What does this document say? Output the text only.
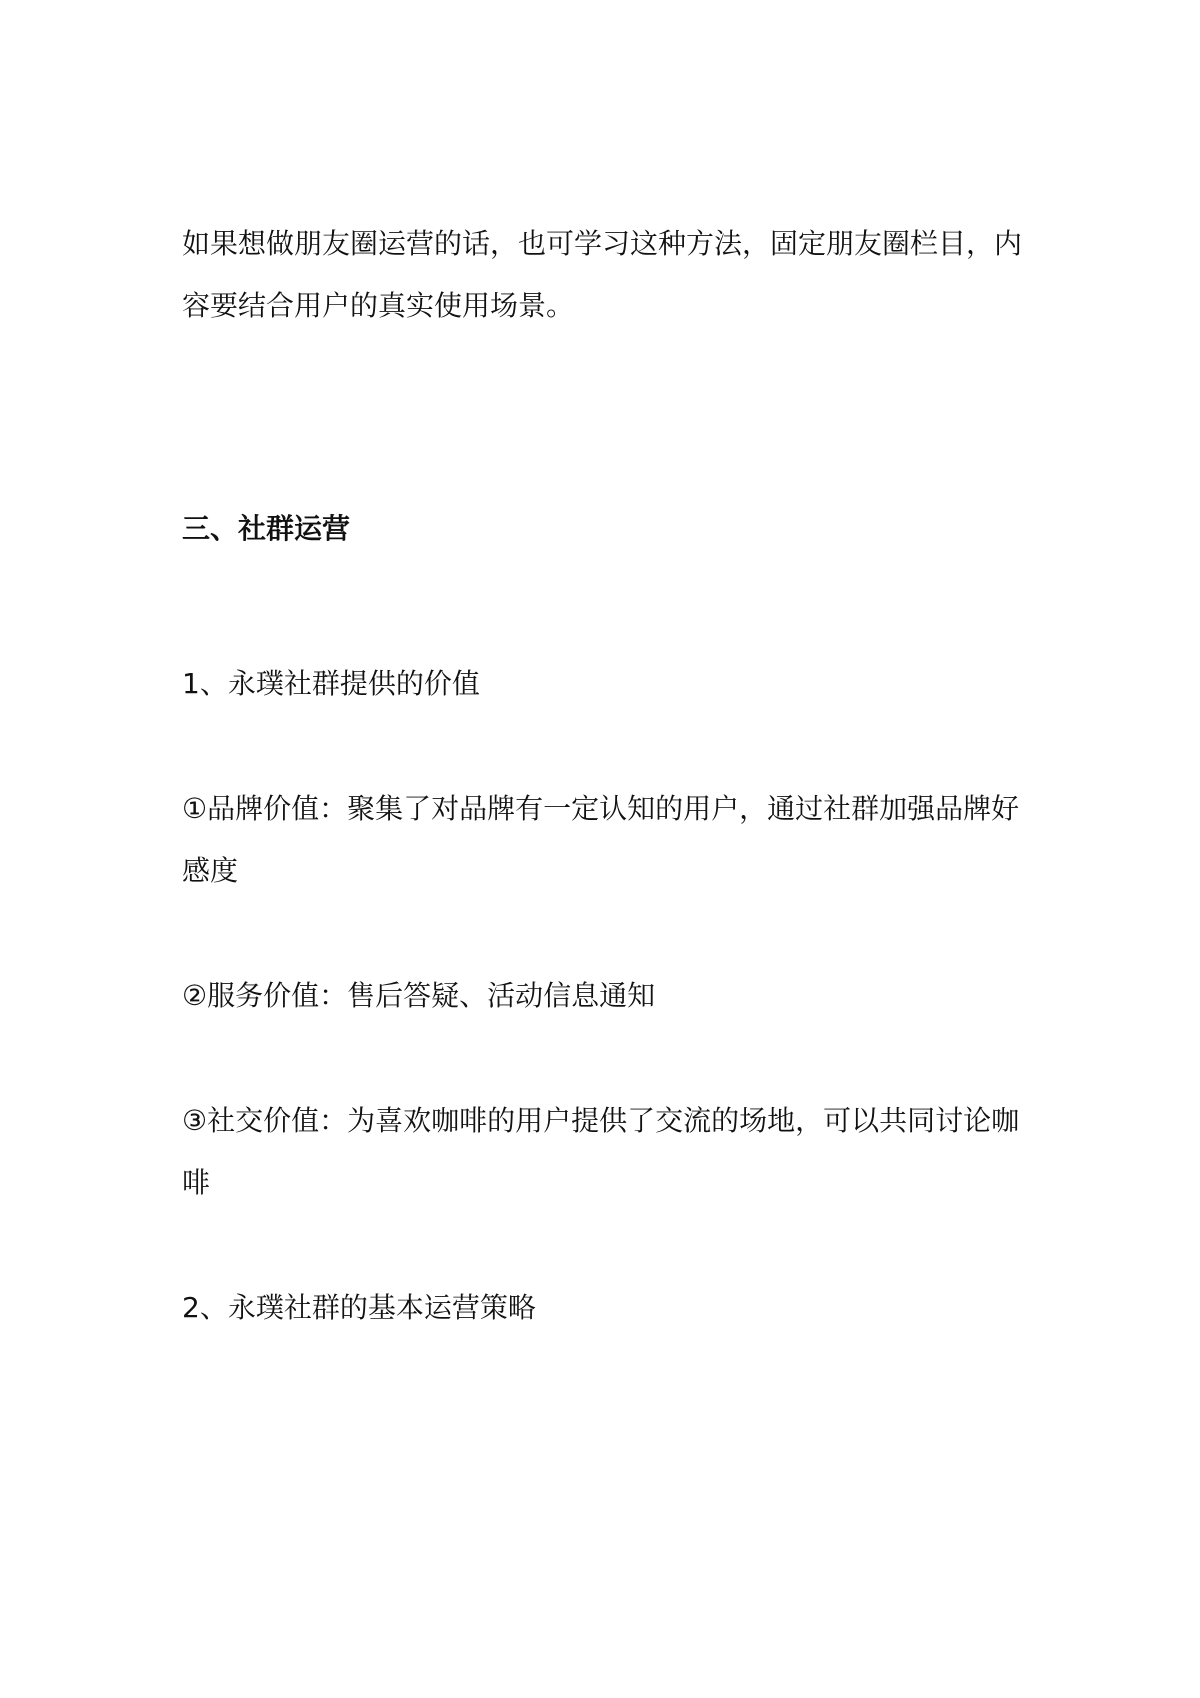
如果想做朋友圈运营的话，也可学习这种方法，固定朋友圈栏目，内
容要结合用户的真实使用场景。
三、社群运营
1、永璞社群提供的价值
①品牌价值：聚集了对品牌有一定认知的用户，通过社群加强品牌好
感度
②服务价值：售后答疑、活动信息通知
③社交价值：为喜欢咖啡的用户提供了交流的场地，可以共同讨论咖
啡
2、永璞社群的基本运营策略
